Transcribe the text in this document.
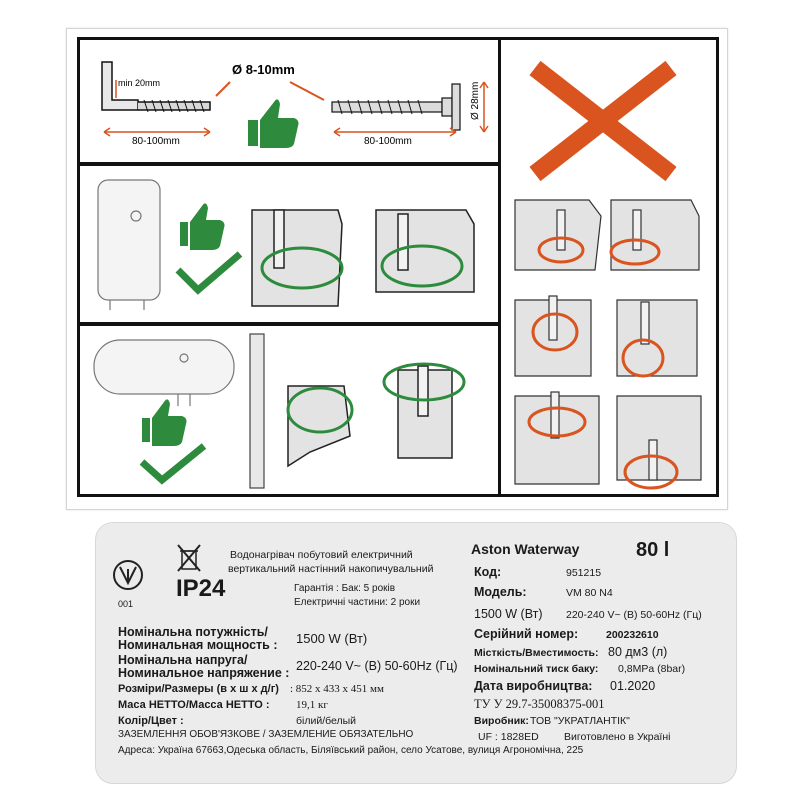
min 20mm
80-100mm
Ø 8-10mm
80-100mm
Ø 28mm
001
IP24
Водонагрівач побутовий електричний
вертикальний настінний накопичувальний
Гарантія : Бак: 5 років
Електричні частини: 2 роки
Aston Waterway	80 l
Код:	951215
Модель:	VM 80 N4
1500 W (Вт) 220-240 V~ (В) 50-60Hz (Гц)
Серійний номер:	200232610
Місткість/Вместимость: 80 дм3 (л)
Номінальний тиск баку: 0,8MPa (8bar)
Дата виробництва: 01.2020
ТУ У 29.7-35008375-001
Виробник: ТОВ "УКРАТЛАНТІК"
UF : 1828ED Виготовлено в Україні
Номінальна потужність/
Номинальная мощность : 1500 W (Вт)
Номінальна напруга/
Номинальное напряжение : 220-240 V~ (В) 50-60Hz (Гц)
Розміри/Размеры (в х ш х д/г) : 852 х 433 х 451 мм
Маса НЕТТО/Масса НЕТТО : 19,1 кг
Колір/Цвет :	білий/белый
ЗАЗЕМЛЕННЯ ОБОВ'ЯЗКОВЕ / ЗАЗЕМЛЕНИЕ ОБЯЗАТЕЛЬНО
Адреса: Україна 67663,Одеська область, Біляївський район, село Усатове, вулиця Агрономічна, 225
